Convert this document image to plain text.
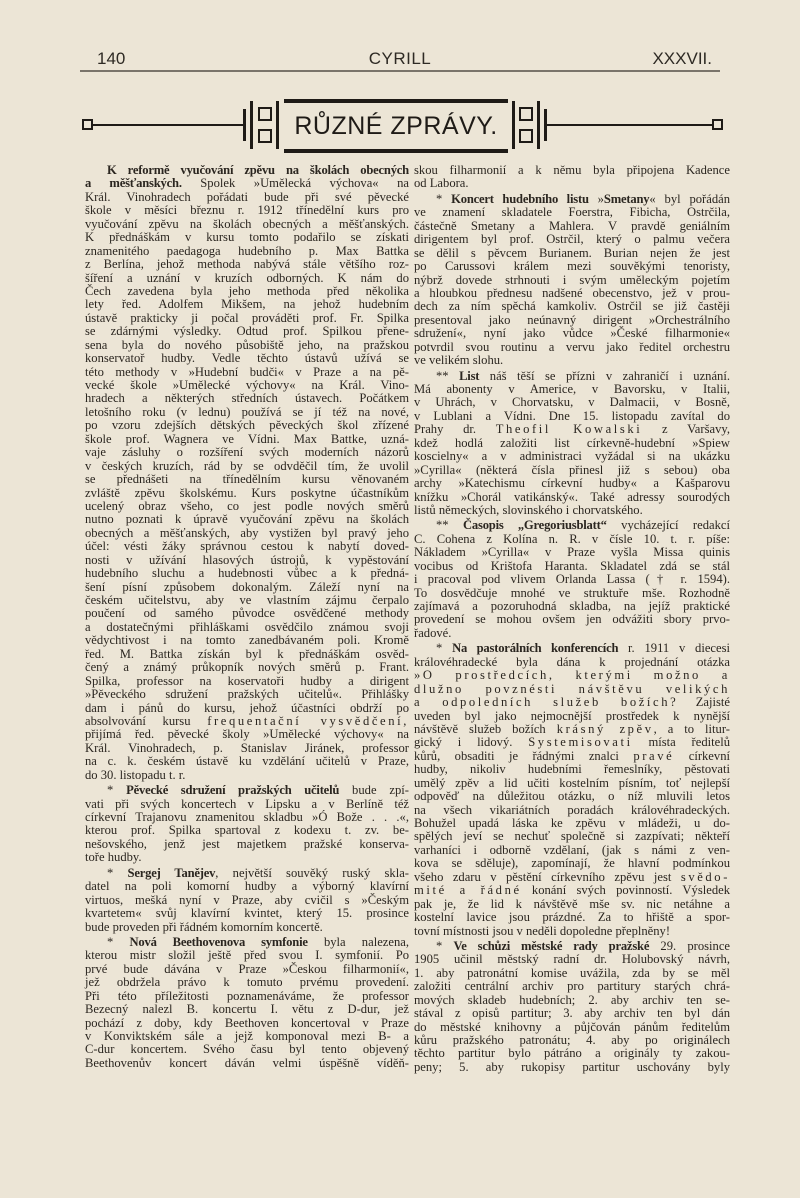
140	CYRILL	XXXVII.
RŮZNÉ ZPRÁVY.
K reformě vyučování zpěvu na školách obecných
a měšťanských. Spolek »Umělecká výchova« na
Král. Vinohradech pořádati bude při své pěvecké
škole v měsíci březnu r. 1912 třínedělní kurs pro
vyučování zpěvu na školách obecných a měšťanských.
K přednáškám v kursu tomto podařilo se získati
znamenitého paedagoga hudebního p. Max Battka
z Berlína, jehož methoda nabývá stále většího roz-
šíření a uznání v kruzích odborných. K nám do
Čech zavedena byla jeho methoda před několika
lety řed. Adolfem Mikšem, na jehož hudebním
ústavě prakticky ji počal prováděti prof. Fr. Spilka
se zdárnými výsledky. Odtud prof. Spilkou přene-
sena byla do nového působiště jeho, na pražskou
konservatoř hudby. Vedle těchto ústavů užívá se
této methody v »Hudební budči« v Praze a na pě-
vecké škole »Umělecké výchovy« na Král. Vino-
hradech a některých středních ústavech. Počátkem
letošního roku (v lednu) používá se jí též na nové,
po vzoru zdejších dětských pěveckých škol zřízené
škole prof. Wagnera ve Vídni. Max Battke, uzná-
vaje zásluhy o rozšíření svých moderních názorů
v českých kruzích, rád by se odvděčil tím, že uvolil
se přednášeti na třínedělním kursu věnovaném
zvláště zpěvu školskému. Kurs poskytne účastníkům
ucelený obraz všeho, co jest podle nových směrů
nutno poznati k úpravě vyučování zpěvu na školách
obecných a měšťanských, aby vystižen byl pravý jeho
účel: vésti žáky správnou cestou k nabytí doved-
nosti v užívání hlasových ústrojů, k vypěstování
hudebního sluchu a hudebnosti vůbec a k předná-
šení písní způsobem dokonalým. Záleží nyní na
českém učitelstvu, aby ve vlastním zájmu čerpalo
poučení od samého původce osvědčené methody
a dostatečnými přihláškami osvědčilo známou svoji
vědychtivost i na tomto zanedbávaném poli. Kromě
řed. M. Battka získán byl k přednáškám osvěd-
čený a známý průkopník nových směrů p. Frant.
Spilka, professor na koservatoři hudby a dirigent
»Pěveckého sdružení pražských učitelů«. Přihlášky
dam i pánů do kursu, jehož účastníci obdrží po
absolvování kursu frequentační vysvědčení,
přijímá řed. pěvecké školy »Umělecké výchovy« na
Král. Vinohradech, p. Stanislav Jiránek, professor
na c. k. českém ústavě ku vzdělání učitelů v Praze,
do 30. listopadu t. r.
* Pěvecké sdružení pražských učitelů bude zpí-
vati při svých koncertech v Lipsku a v Berlíně též
církevní Trajanovu znamenitou skladbu »Ó Bože . . .«,
kterou prof. Spilka spartoval z kodexu t. zv. be-
nešovského, jenž jest majetkem pražské konserva-
toře hudby.
* Sergej Tanějev, největší souvěký ruský skla-
datel na poli komorní hudby a výborný klavírní
virtuos, mešká nyní v Praze, aby cvičil s »Českým
kvartetem« svůj klavírní kvintet, který 15. prosince
bude proveden při řádném komorním koncertě.
* Nová Beethovenova symfonie byla nalezena,
kterou mistr složil ještě před svou I. symfonií. Po
prvé bude dávána v Praze »Českou filharmonií«,
jež obdržela právo k tomuto prvému provedení.
Při této příležitosti poznamenáváme, že professor
Bezecný nalezl B. koncertu I. větu z D-dur, jež
pochází z doby, kdy Beethoven koncertoval v Praze
v Konviktském sále a jejž komponoval mezi B- a
C-dur koncertem. Svého času byl tento objevený
Beethovenův koncert dáván velmi úspěšně víděň-
skou filharmonií a k němu byla připojena Kadence
od Labora.
* Koncert hudebního listu »Smetany« byl pořádán
ve znamení skladatele Foerstra, Fibicha, Ostrčila,
částečně Smetany a Mahlera. V pravdě geniálním
dirigentem byl prof. Ostrčil, který o palmu večera
se dělil s pěvcem Burianem. Burian nejen že jest
po Carussovi králem mezi souvěkými tenoristy,
nýbrž dovede strhnouti i svým uměleckým pojetím
a hloubkou přednesu nadšené obecenstvo, jež v prou-
dech za ním spěchá kamkoliv. Ostrčil se již častěji
presentoval jako neúnavný dirigent »Orchestrálního
sdružení«, nyní jako vůdce »České filharmonie«
potvrdil svou routinu a vervu jako ředitel orchestru
ve velikém slohu.
** List náš těší se přízni v zahraničí i uznání.
Má abonenty v Americe, v Bavorsku, v Italii,
v Uhrách, v Chorvatsku, v Dalmacii, v Bosně,
v Lublani a Vídni. Dne 15. listopadu zavítal do
Prahy dr. Theofil Kowalski z Varšavy,
kdež hodlá založiti list církevně-hudební »Spiew
koscielny« a v administraci vyžádal si na ukázku
»Cyrilla« (některá čísla přinesl již s sebou) oba
archy »Katechismu církevní hudby« a Kašparovu
knížku »Chorál vatikánský«. Také adressy sourodých
listů německých, slovinského i chorvatského.
** Časopis „Gregoriusblatt“ vycházející redakcí
C. Cohena z Kolína n. R. v čísle 10. t. r. píše:
Nákladem »Cyrilla« v Praze vyšla Missa quinis
vocibus od Krištofa Haranta. Skladatel zdá se stál
i pracoval pod vlivem Orlanda Lassa († r. 1594).
To dosvědčuje mnohé ve struktuře mše. Rozhodně
zajímavá a pozoruhodná skladba, na jejíž praktické
provedení se mohou ovšem jen odvážiti sbory prvo-
řadové.
* Na pastorálních konferencích r. 1911 v diecesi
královéhradecké byla dána k projednání otázka
»O prostředcích, kterými možno a
dlužno povznésti návštěvu velikých
a odpoledních služeb božích? Zajisté
uveden byl jako nejmocnější prostředek k nynější
návštěvě služeb božích krásný zpěv, a to litur-
gický i lidový. Systemisovati místa ředitelů
kůrů, obsaditi je řádnými znalci pravé církevní
hudby, nikoliv hudebními řemeslníky, pěstovati
umělý zpěv a lid učiti kostelním písním, toť nejlepší
odpověď na důležitou otázku, o níž mluvili letos
na všech vikariátních poradách královéhradeckých.
Bohužel upadá láska ke zpěvu v mládeži, u do-
spělých jeví se nechuť společně si zazpívati; někteří
varhaníci i odborně vzdělaní, (jak s námi z ven-
kova se sděluje), zapomínají, že hlavní podmínkou
všeho zdaru v pěstění církevního zpěvu jest svědo-
mité a řádné konání svých povinností. Výsledek
pak je, že lid k návštěvě mše sv. nic netáhne a
kostelní lavice jsou prázdné. Za to hřiště a spor-
tovní místnosti jsou v neděli dopoledne přeplněny!
* Ve schůzi městské rady pražské 29. prosince
1905 učinil městský radní dr. Holubovský návrh,
1. aby patronátní komise uvážila, zda by se měl
založiti centrální archiv pro partitury starých chrá-
mových skladeb hudebních; 2. aby archiv ten se-
stával z opisů partitur; 3. aby archiv ten byl dán
do městské knihovny a půjčován pánům ředitelům
kůru pražského patronátu; 4. aby po originálech
těchto partitur bylo pátráno a originály ty zakou-
peny; 5. aby rukopisy partitur uschovány byly
